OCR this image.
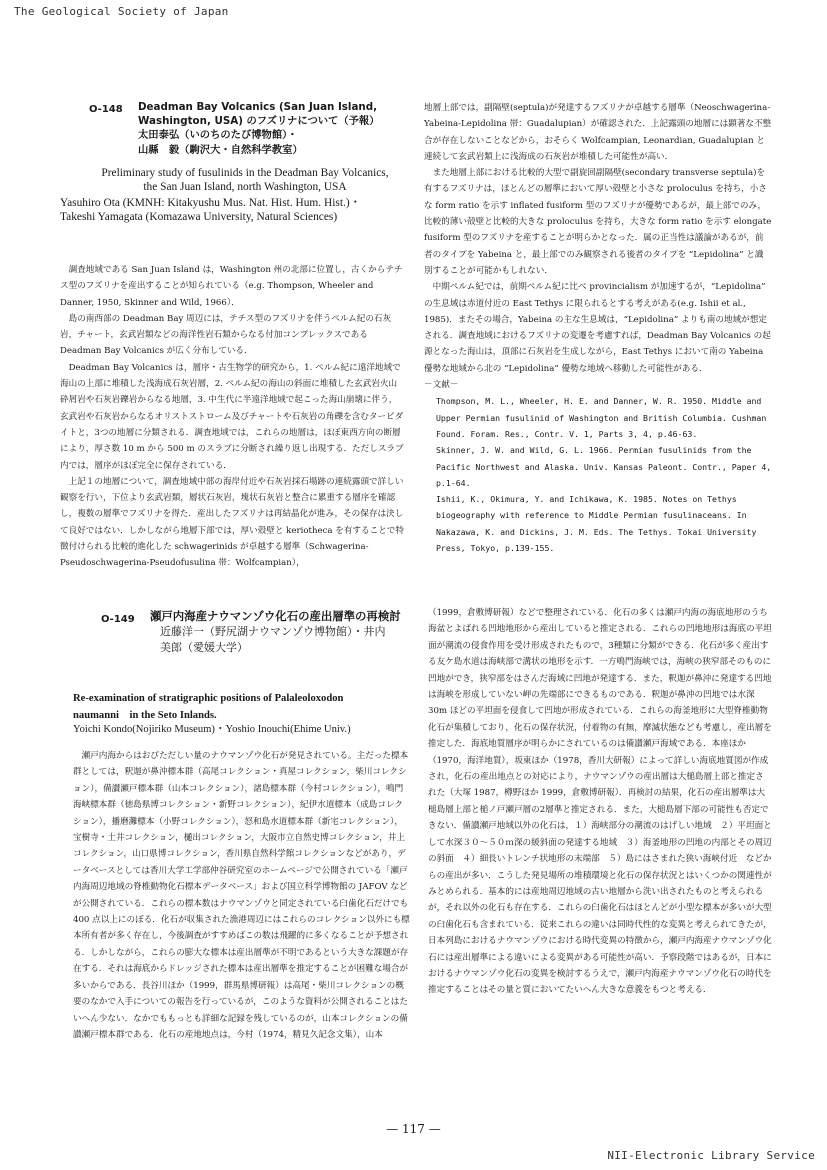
The Geological Society of Japan
O-148 Deadman Bay Volcanics (San Juan Island,
Washington, USA) のフズリナについて（予報）
太田泰弘（いのちのたび博物館）・
山縣　毅（駒沢大・自然科学教室）
Preliminary study of fusulinids in the Deadman Bay Volcanics,
the San Juan Island, north Washington, USA
Yasuhiro Ota (KMNH: Kitakyushu Mus. Nat. Hist. Hum. Hist.)・
Takeshi Yamagata (Komazawa University, Natural Sciences)

　調査地域である San Juan Island は，Washington 州の北部に位置し，古くからテチス型のフズリナを産出することが知られている（e.g. Thompson, Wheeler and Danner, 1950, Skinner and Wild, 1966）．

　島の南西部の Deadman Bay 周辺には，テチス型のフズリナを伴うペルム紀の石灰岩，チャート，玄武岩類などの海洋性岩石類からなる付加コンプレックスである Deadman Bay Volcanics が広く分布している．

　Deadman Bay Volcanics は，層序・古生物学的研究から，1. ペルム紀に遠洋地域で海山の上部に堆積した浅海成石灰岩層，2. ペルム紀の海山の斜面に堆積した玄武岩火山砕屑岩や石灰岩礫岩からなる地層，3. 中生代に半遠洋地域で起こった海山崩壊に伴う，玄武岩や石灰岩からなるオリストストローム及びチャートや石灰岩の角礫を含むタービダイトと，3つの地層に分類される．調査地域では，これらの地層は，ほぼ東西方向の断層により，厚さ数 10 m から 500 m のスラブに分断され繰り返し出現する．ただしスラブ内では，層序がほぼ完全に保存されている．

　上記１の地層について，調査地域中部の海岸付近や石灰岩採石場跡の連続露頭で詳しい観察を行い，下位より玄武岩類，層状石灰岩，塊状石灰岩と整合に累重する層序を確認し，複数の層準でフズリナを得た．産出したフズリナは再結晶化が進み，その保存は決して良好ではない．しかしながら地層下部では，厚い殻壁と keriotheca を有することで特徴付けられる比較的進化した schwagerinids が卓越する層準（Schwagerina-Pseudoschwagerina-Pseudofusulina 帯：Wolfcampian），

地層上部では，副隔壁(septula)が発達するフズリナが卓越する層準（Neoschwagerina-Yabeina-Lepidolina 帯：Guadalupian）が確認された．上記露頭の地層には顕著な不整合が存在しないことなどから，おそらく Wolfcampian, Leonardian, Guadalupian と連続して玄武岩類上に浅海成の石灰岩が堆積した可能性が高い．

　また地層上部における比較的大型で副旋回副隔壁(secondary transverse septula)を有するフズリナは，ほとんどの層準において厚い殻壁と小さな proloculus を持ち，小さな form ratio を示す inflated fusiform 型のフズリナが優勢であるが，最上部でのみ，比較的薄い殻壁と比較的大きな proloculus を持ち，大きな form ratio を示す elongate fusiform 型のフズリナを産することが明らかとなった．属の正当性は議論があるが，前者のタイプを Yabeina と，最上部でのみ観察される後者のタイプを “Lepidolina” と識別することが可能かもしれない．

　中期ペルム紀では，前期ペルム紀に比べ provincialism が加速するが，“Lepidolina” の生息域は赤道付近の East Tethys に限られるとする考えがある(e.g. Ishii et al., 1985)．またその場合，Yabeina の主な生息域は，“Lepidolina” よりも南の地域が想定される．調査地域におけるフズリナの変遷を考慮すれば，Deadman Bay Volcanics の起源となった海山は，頂部に石灰岩を生成しながら，East Tethys において南の Yabeina 優勢な地域から北の “Lepidolina” 優勢な地域へ移動した可能性がある．

－文献－

Thompson, M. L., Wheeler, H. E. and Danner, W. R. 1950. Middle and Upper Permian fusulinid of Washington and British Columbia. Cushman Found. Foram. Res., Contr. V. 1, Parts 3, 4, p.46-63.

Skinner, J. W. and Wild, G. L. 1966. Permian fusulinids from the Pacific Northwest and Alaska. Univ. Kansas Paleont. Contr., Paper 4, p.1-64.

Ishii, K., Okimura, Y. and Ichikawa, K. 1985. Notes on Tethys biogeography with reference to Middle Permian fusulinaceans. In Nakazawa, K. and Dickins, J. M. Eds. The Tethys. Tokai University Press, Tokyo, p.139-155.

O-149 瀬戸内海産ナウマンゾウ化石の産出層準の再検討
近藤洋一（野尻湖ナウマンゾウ博物館）・井内
美郎（愛媛大学）
Re-examination of stratigraphic positions of Palaleoloxodon
naumanni　in the Seto Inlands.
Yoichi Kondo(Nojiriko Museum)・Yoshio Inouchi(Ehime Univ.)

　瀬戸内海からはおびただしい量のナウマンゾウ化石が発見されている。主だった標本群としては，釈迦が鼻沖標本群（高尾コレクション・真屋コレクション，柴川コレクション），備讃瀬戸標本群（山本コレクション），諸島標本群（今村コレクション），鳴門海峡標本群（徳島県博コレクション・新野コレクション），紀伊水道標本（成島コレクション），播磨灘標本（小野コレクション），怒和島水道標本群（新宅コレクション），宝樹寺・土井コレクション，樋出コレクション，大阪市立自然史博コレクション，井上コレクション，山口県博コレクション，香川県自然科学館コレクションなどがあり，データベースとしては香川大学工学部仲谷研究室のホームページで公開されている「瀬戸内海周辺地域の脊椎動物化石標本データベース」および国立科学博物館の JAFOV などが公開されている．これらの標本数はナウマンゾウと同定されている臼歯化石だけでも 400 点以上にのぼる．化石が収集された漁港周辺にはこれらのコレクション以外にも標本所有者が多く存在し，今後調査がすすめばこの数は飛躍的に多くなることが予想される．しかしながら，これらの膨大な標本は産出層準が不明であるという大きな課題が存在する．それは海底からドレッジされた標本は産出層準を推定することが困難な場合が多いからである．長谷川ほか（1999，群馬県博研報）は高尾・柴川コレクションの概要のなかで入手についての報告を行っているが，このような資料が公開されることはたいへん少ない．なかでももっとも詳細な記録を残しているのが，山本コレクションの備讃瀬戸標本群である．化石の産地地点は，今村（1974，精見久記念文集），山本

（1999，倉敷博研報）などで整理されている．化石の多くは瀬戸内海の海底地形のうち海盆とよばれる凹地地形から産出していると推定される．これらの凹地地形は海底の平坦面が潮流の侵食作用を受け形成されたもので，3種類に分類ができる．化石が多く産出する友ケ島水道は海峡部で溝状の地形を示す．一方鳴門海峡では，海峡の狭窄部そのものに凹地ができ，狭窄部をはさんだ海域に凹地が発達する．また，釈迦が鼻沖に発達する凹地は海峡を形成していない岬の先端部にできるものである．釈迦が鼻沖の凹地では水深30m ほどの平坦面を侵食して凹地が形成されている．これらの海釜地形に大型脊椎動物化石が集積しており，化石の保存状況，付着物の有無，摩滅状態なども考慮し，産出層を推定した．海底地質層序が明らかにされているのは備讃瀬戸海域である．本座ほか（1970，海洋地質），坂東ほか（1978，香川大研報）によって詳しい海底地質図が作成され，化石の産出地点との対応により，ナウマンゾウの産出層は大槌島層上部と推定された（大塚 1987，樽野ほか 1999，倉敷博研報）．再検討の結果，化石の産出層準は大槌島層上部と槌ノ戸瀬戸層の2層準と推定される．また，大槌島層下部の可能性も否定できない．備讃瀬戸地域以外の化石は，１）海峡部分の潮流のはげしい地域　２）平坦面として水深３０～５０ｍ深の緩斜面の発達する地域　３）海釜地形の凹地の内部とその周辺の斜面　４）細長いトレンチ状地形の末端部　５）島にはさまれた狭い海峡付近　などからの産出が多い．こうした発見場所の堆積環境と化石の保存状況とはいくつかの関連性がみとめられる．基本的には産地周辺地域の古い地層から洗い出されたものと考えられるが，それ以外の化石も存在する．これらの臼歯化石はほとんどが小型な標本が多いが大型の臼歯化石も含まれている．従来これらの違いは同時代性的な変異と考えられてきたが，日本列島におけるナウマンゾウにおける時代変異の特徴から，瀬戸内海産ナウマンゾウ化石には産出層準による違いによる変異がある可能性が高い．予察段階ではあるが，日本におけるナウマンゾウ化石の変異を検討するうえで，瀬戸内海産ナウマンゾウ化石の時代を推定することはその量と質においてたいへん大きな意義をもつと考える．

— 117 —
NII-Electronic Library Service
